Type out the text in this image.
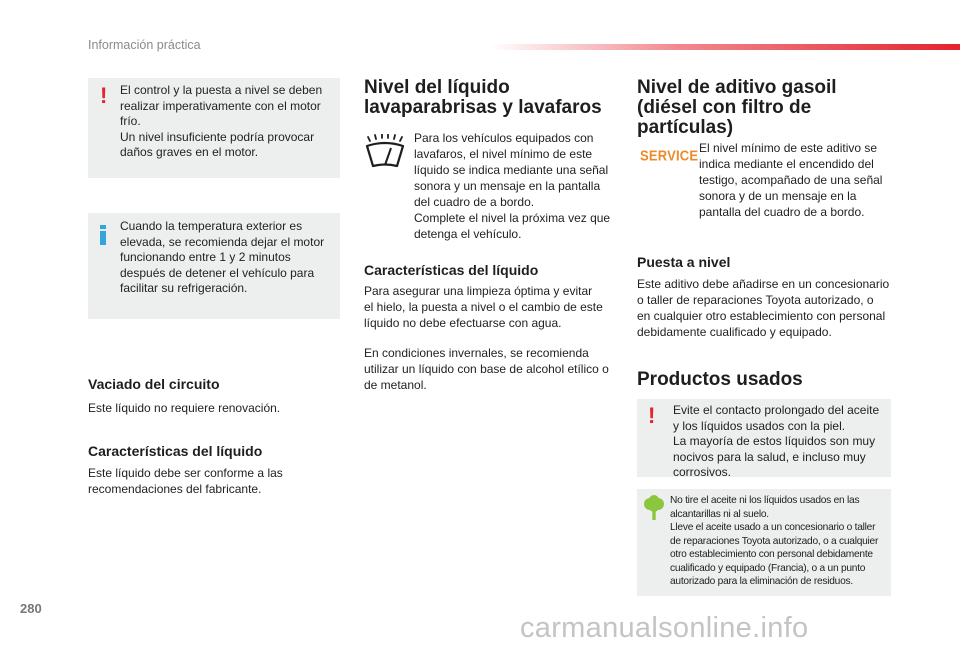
Información práctica
! El control y la puesta a nivel se deben

realizar imperativamente con el motor

frío.

Un nivel insuficiente podría provocar

daños graves en el motor.

Cuando la temperatura exterior es

elevada, se recomienda dejar el motor

funcionando entre 1 y 2 minutos

después de detener el vehículo para

facilitar su refrigeración.

Vaciado del circuito

Este líquido no requiere renovación.

Características del líquido

Este líquido debe ser conforme a las

recomendaciones del fabricante.

Nivel del líquido
lavaparabrisas y lavafaros

Para los vehículos equipados con

lavafaros, el nivel mínimo de este

líquido se indica mediante una señal

sonora y un mensaje en la pantalla

del cuadro de a bordo.

Complete el nivel la próxima vez que

detenga el vehículo.

Características del líquido

Para asegurar una limpieza óptima y evitar

el hielo, la puesta a nivel o el cambio de este

líquido no debe efectuarse con agua.

En condiciones invernales, se recomienda

utilizar un líquido con base de alcohol etílico o

de metanol.

Nivel de aditivo gasoil
(diésel con filtro de
partículas)
SERVICE El nivel mínimo de este aditivo se

indica mediante el encendido del

testigo, acompañado de una señal

sonora y de un mensaje en la

pantalla del cuadro de a bordo.

Puesta a nivel

Este aditivo debe añadirse en un concesionario

o taller de reparaciones Toyota autorizado, o

en cualquier otro establecimiento con personal

debidamente cualificado y equipado.

Productos usados
! Evite el contacto prolongado del aceite

y los líquidos usados con la piel.

La mayoría de estos líquidos son muy

nocivos para la salud, e incluso muy

corrosivos.

No tire el aceite ni los líquidos usados en las

alcantarillas ni al suelo.

Lleve el aceite usado a un concesionario o taller

de reparaciones Toyota autorizado, o a cualquier

otro establecimiento con personal debidamente

cualificado y equipado (Francia), o a un punto

autorizado para la eliminación de residuos.

280
carmanualsonline.info
